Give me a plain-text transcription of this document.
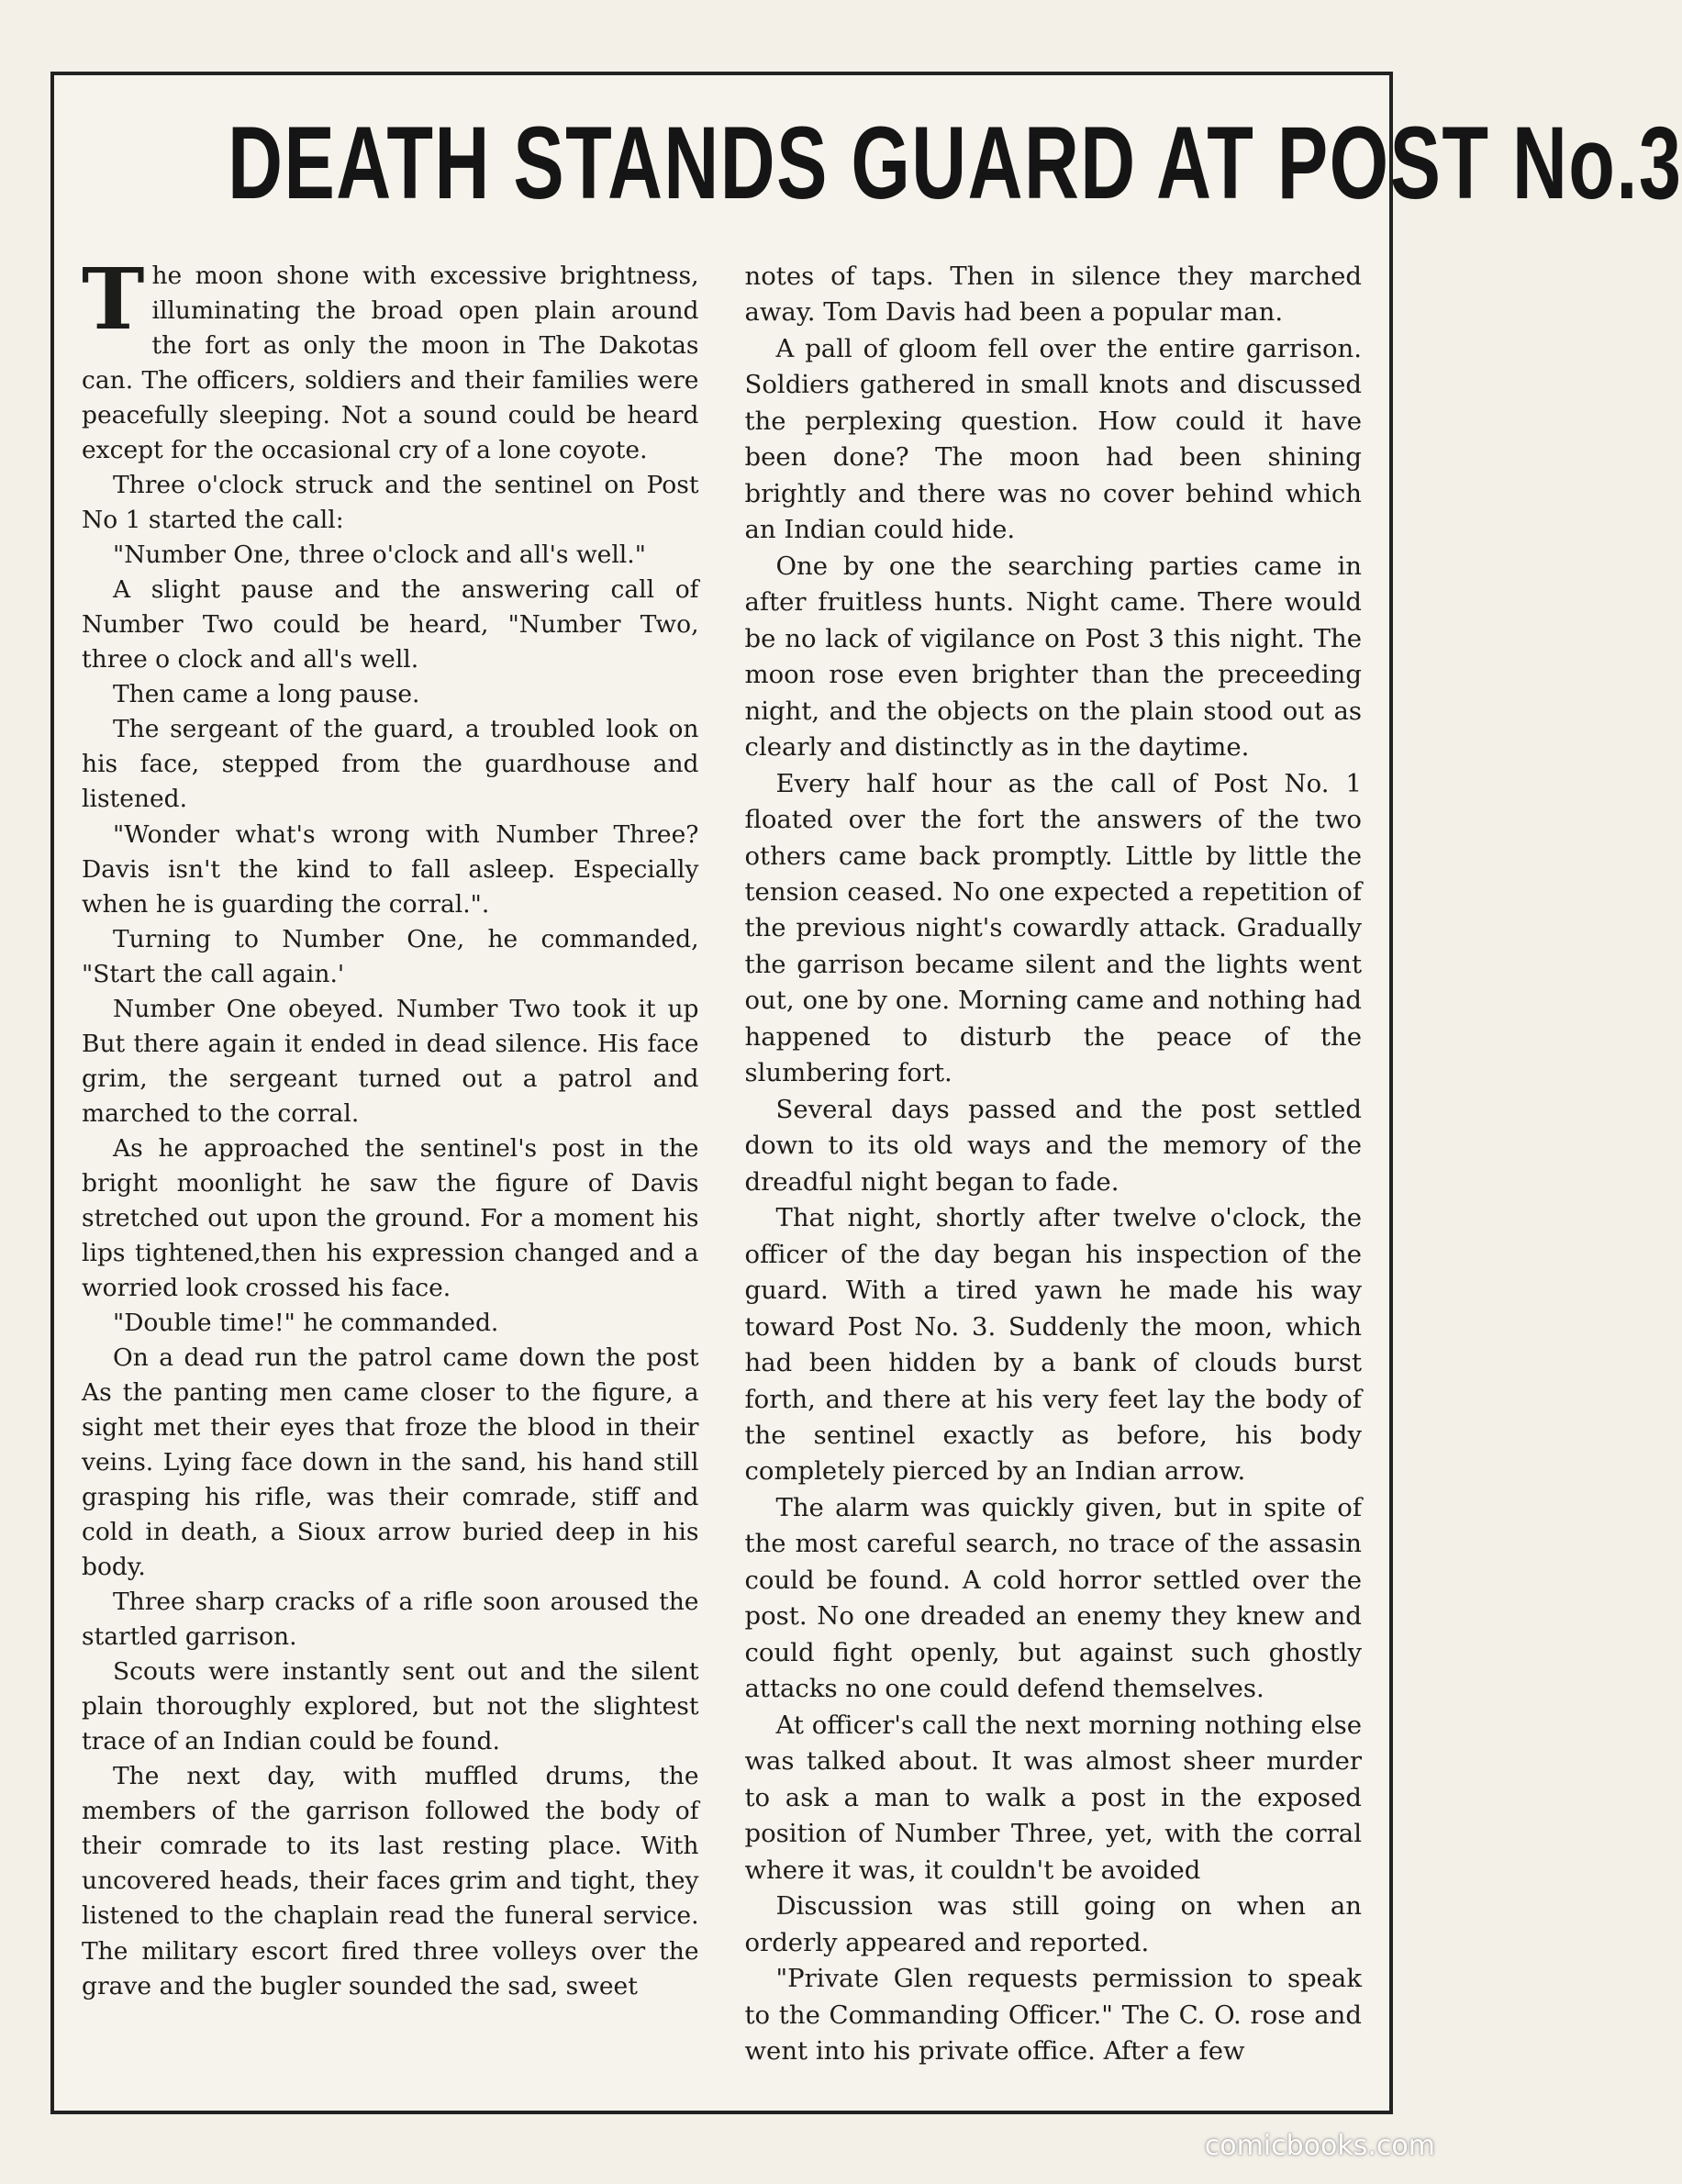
DEATH STANDS GUARD AT POST No.3

The moon shone with excessive brightness, illuminating the broad open plain around the fort as only the moon in The Dakotas can. The officers, soldiers and their families were peacefully sleeping. Not a sound could be heard except for the occasional cry of a lone coyote.

Three o'clock struck and the sentinel on Post No 1 started the call:

"Number One, three o'clock and all's well."

A slight pause and the answering call of Number Two could be heard, "Number Two, three o clock and all's well.

Then came a long pause.

The sergeant of the guard, a troubled look on his face, stepped from the guardhouse and listened.

"Wonder what's wrong with Number Three? Davis isn't the kind to fall asleep. Especially when he is guarding the corral.".

Turning to Number One, he commanded, "Start the call again.'

Number One obeyed. Number Two took it up But there again it ended in dead silence. His face grim, the sergeant turned out a patrol and marched to the corral.

As he approached the sentinel's post in the bright moonlight he saw the figure of Davis stretched out upon the ground. For a moment his lips tightened,then his expression changed and a worried look crossed his face.

"Double time!" he commanded.

On a dead run the patrol came down the post As the panting men came closer to the figure, a sight met their eyes that froze the blood in their veins. Lying face down in the sand, his hand still grasping his rifle, was their comrade, stiff and cold in death, a Sioux arrow buried deep in his body.

Three sharp cracks of a rifle soon aroused the startled garrison.

Scouts were instantly sent out and the silent plain thoroughly explored, but not the slightest trace of an Indian could be found.

The next day, with muffled drums, the members of the garrison followed the body of their comrade to its last resting place. With uncovered heads, their faces grim and tight, they listened to the chaplain read the funeral service. The military escort fired three volleys over the grave and the bugler sounded the sad, sweet

notes of taps. Then in silence they marched away. Tom Davis had been a popular man.

A pall of gloom fell over the entire garrison. Soldiers gathered in small knots and discussed the perplexing question. How could it have been done? The moon had been shining brightly and there was no cover behind which an Indian could hide.

One by one the searching parties came in after fruitless hunts. Night came. There would be no lack of vigilance on Post 3 this night. The moon rose even brighter than the preceeding night, and the objects on the plain stood out as clearly and distinctly as in the daytime.

Every half hour as the call of Post No. 1 floated over the fort the answers of the two others came back promptly. Little by little the tension ceased. No one expected a repetition of the previous night's cowardly attack. Gradually the garrison became silent and the lights went out, one by one. Morning came and nothing had happened to disturb the peace of the slumbering fort.

Several days passed and the post settled down to its old ways and the memory of the dreadful night began to fade.

That night, shortly after twelve o'clock, the officer of the day began his inspection of the guard. With a tired yawn he made his way toward Post No. 3. Suddenly the moon, which had been hidden by a bank of clouds burst forth, and there at his very feet lay the body of the sentinel exactly as before, his body completely pierced by an Indian arrow.

The alarm was quickly given, but in spite of the most careful search, no trace of the assasin could be found. A cold horror settled over the post. No one dreaded an enemy they knew and could fight openly, but against such ghostly attacks no one could defend themselves.

At officer's call the next morning nothing else was talked about. It was almost sheer murder to ask a man to walk a post in the exposed position of Number Three, yet, with the corral where it was, it couldn't be avoided

Discussion was still going on when an orderly appeared and reported.

"Private Glen requests permission to speak to the Commanding Officer." The C. O. rose and went into his private office. After a few

comicbooks.com
